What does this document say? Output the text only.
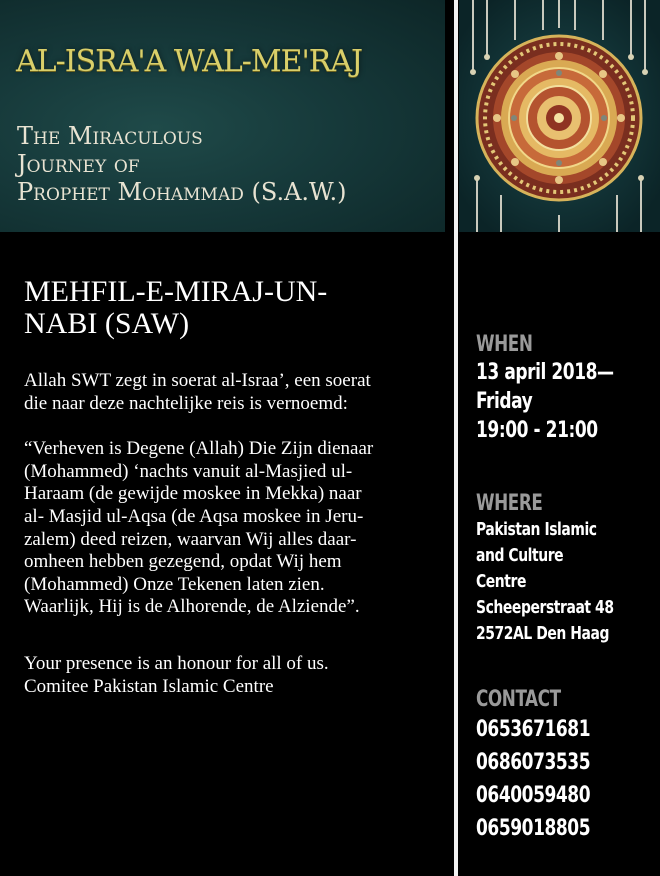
AL-ISRA'A WAL-ME'RAJ
The Miraculous
Journey of
Prophet Mohammad (S.A.W.)
MEHFIL-E-MIRAJ-UN-
NABI (SAW)

Allah SWT zegt in soerat al-Israa’, een soerat
die naar deze nachtelijke reis is vernoemd:

“Verheven is Degene (Allah) Die Zijn dienaar
(Mohammed) ‘nachts vanuit al-Masjied ul-
Haraam (de gewijde moskee in Mekka) naar
al- Masjid ul-Aqsa (de Aqsa moskee in Jeru-
zalem) deed reizen, waarvan Wij alles daar-
omheen hebben gezegend, opdat Wij hem
(Mohammed) Onze Tekenen laten zien.
Waarlijk, Hij is de Alhorende, de Alziende”.

Your presence is an honour for all of us.
Comitee Pakistan Islamic Centre

WHEN
13 april 2018—
Friday
19:00 - 21:00
WHERE
Pakistan Islamic
and Culture
Centre
Scheeperstraat 48
2572AL Den Haag
CONTACT
0653671681
0686073535
0640059480
0659018805
